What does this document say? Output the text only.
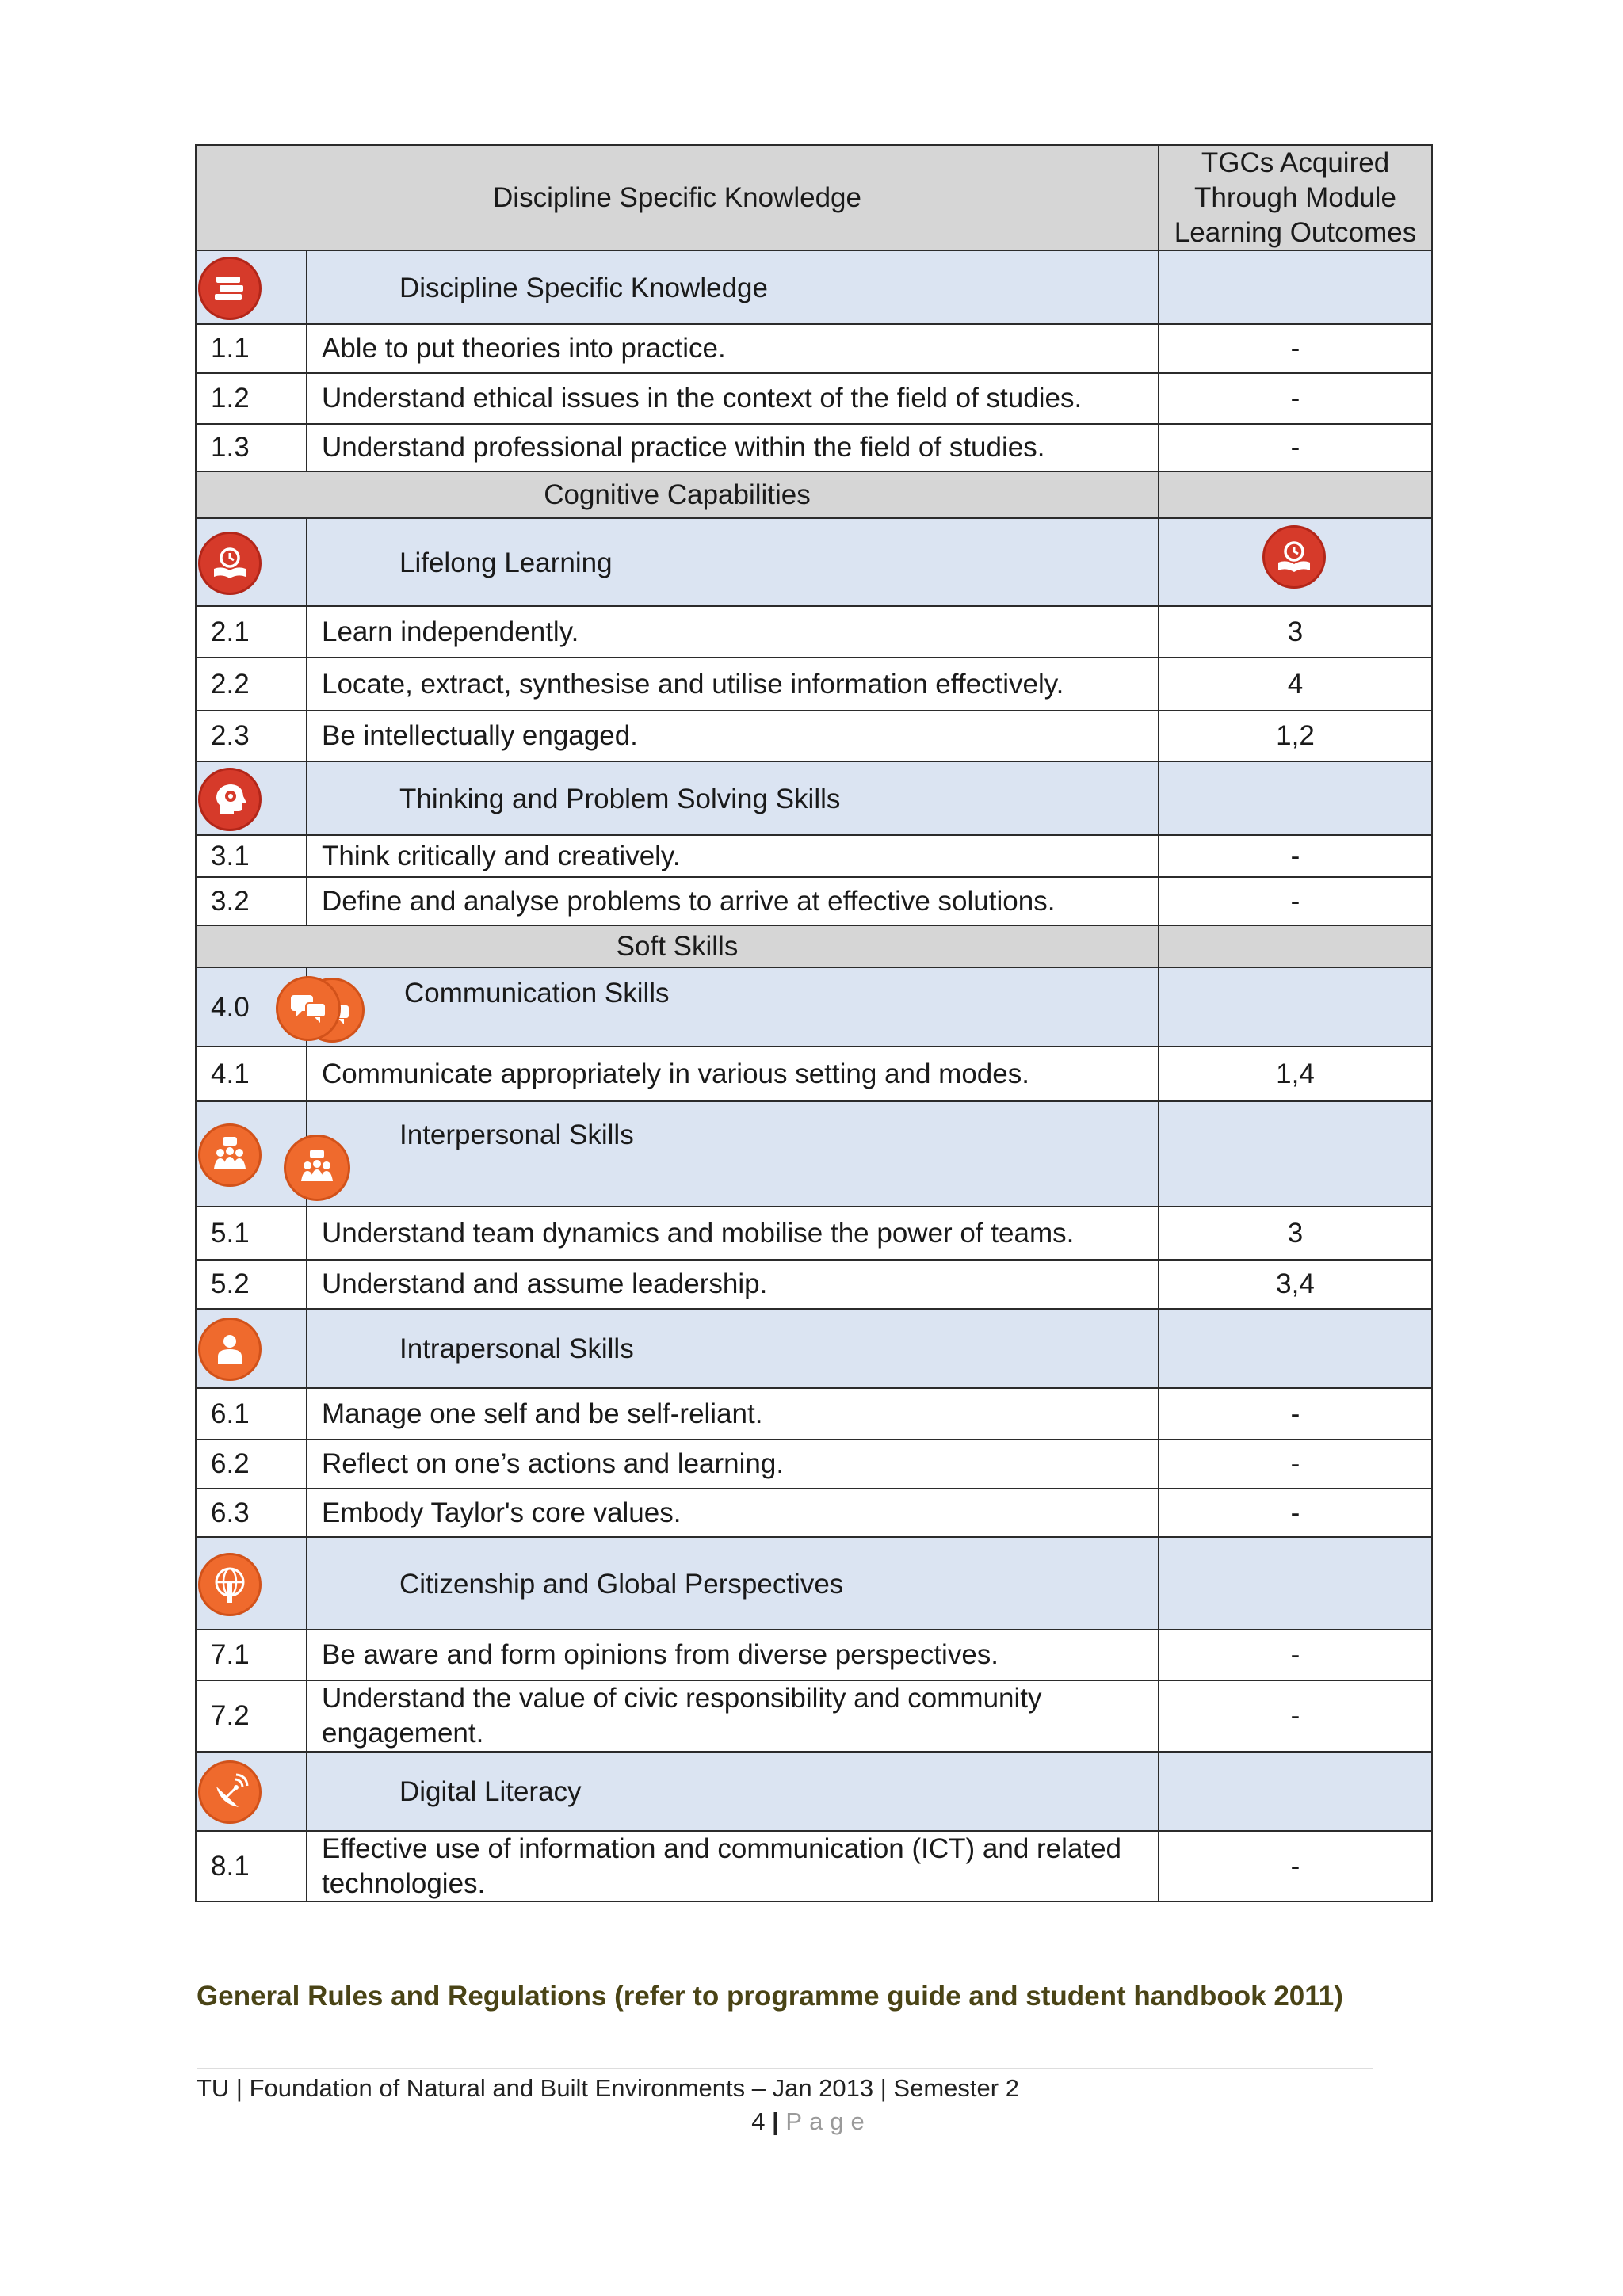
Discipline Specific Knowledge		TGCs Acquired Through Module Learning Outcomes

Discipline Specific Knowledge	

1.1	Able to put theories into practice.	-
1.2	Understand ethical issues in the context of the field of studies.	-
1.3	Understand professional practice within the field of studies.	-
Cognitive Capabilities		

Lifelong Learning

2.1	Learn independently.	3
2.2	Locate, extract, synthesise and utilise information effectively.	4
2.3	Be intellectually engaged.	1,2

Thinking and Problem Solving Skills	

3.1	Think critically and creatively.	-
3.2	Define and analyse problems to arrive at effective solutions.	-
Soft Skills		

4.0	Communication Skills	

4.1	Communicate appropriately in various setting and modes.	1,4

Interpersonal Skills	

5.1	Understand team dynamics and mobilise the power of teams.	3
5.2	Understand and assume leadership.	3,4

Intrapersonal Skills	

6.1	Manage one self and be self-reliant.	-
6.2	Reflect on one’s actions and learning.	-
6.3	Embody Taylor's core values.	-

Citizenship and Global Perspectives	

7.1	Be aware and form opinions from diverse perspectives.	-
7.2	Understand the value of civic responsibility and community engagement.	-

Digital Literacy	

8.1	Effective use of information and communication (ICT) and related technologies.	-
General Rules and Regulations (refer to programme guide and student handbook 2011)
TU | Foundation of Natural and Built Environments – Jan 2013 | Semester 2
4 | Page
